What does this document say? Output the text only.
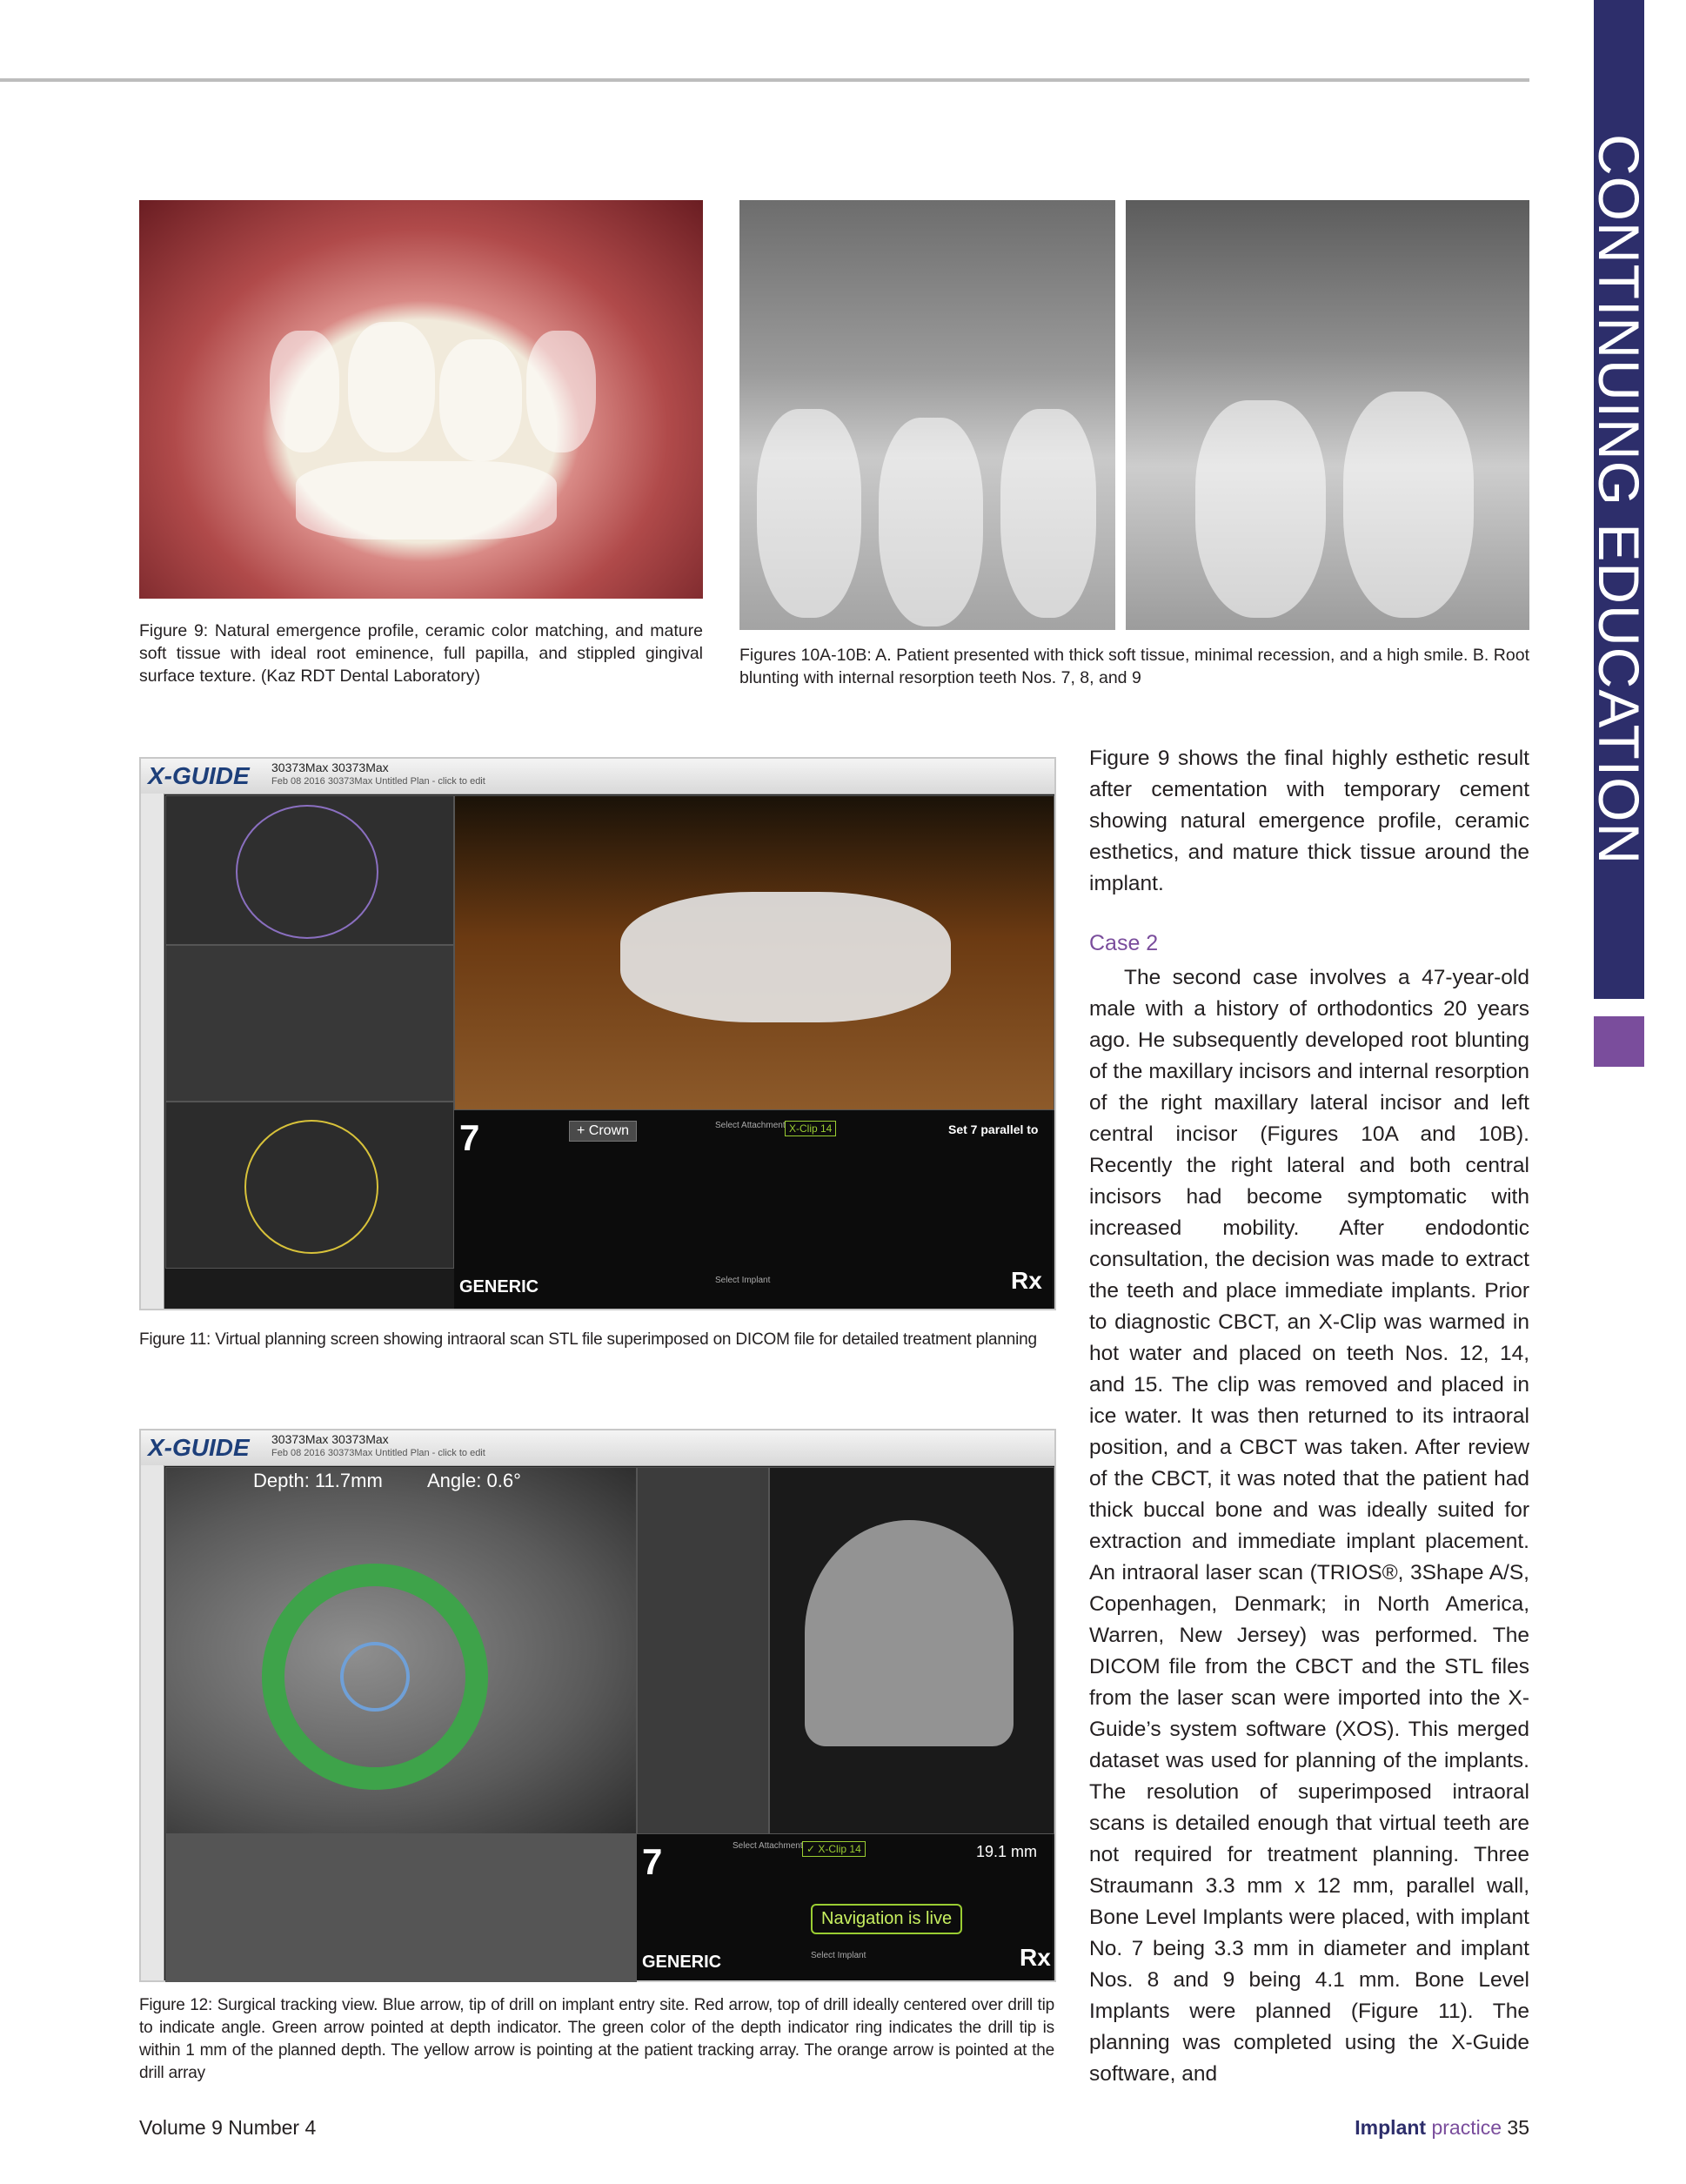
CONTINUING EDUCATION
Figure 9: Natural emergence profile, ceramic color matching, and mature soft tissue with ideal root eminence, full papilla, and stippled gingival surface texture. (Kaz RDT Dental Laboratory)
Figures 10A-10B: A. Patient presented with thick soft tissue, minimal recession, and a high smile. B. Root blunting with internal resorption teeth Nos. 7, 8, and 9
X-GUIDE 30373Max 30373Max
Feb 08 2016 30373Max Untitled Plan - click to edit
7	+ Crown	Select Attachment X-Clip 14	Set 7 parallel to
GENERIC	Select Implant	Rx
Figure 11: Virtual planning screen showing intraoral scan STL file superimposed on DICOM file for detailed treatment planning
X-GUIDE 30373Max 30373Max
Feb 08 2016 30373Max Untitled Plan - click to edit
Depth: 11.7mm Angle: 0.6°
7	Select Attachment ✓ X-Clip 14	19.1 mm
Navigation is live
GENERIC	Select Implant	Rx
Figure 12: Surgical tracking view. Blue arrow, tip of drill on implant entry site. Red arrow, top of drill ideally centered over drill tip to indicate angle. Green arrow pointed at depth indicator. The green color of the depth indicator ring indicates the drill tip is within 1 mm of the planned depth. The yellow arrow is pointing at the patient tracking array. The orange arrow is pointed at the drill array
Figure 9 shows the final highly esthetic result after cementation with temporary cement showing natural emergence profile, ceramic esthetics, and mature thick tissue around the implant.
Case 2
The second case involves a 47-year-old male with a history of orthodontics 20 years ago. He subsequently developed root blunting of the maxillary incisors and internal resorption of the right maxillary lateral incisor and left central incisor (Figures 10A and 10B). Recently the right lateral and both central incisors had become symptomatic with increased mobility. After endodontic consultation, the decision was made to extract the teeth and place immediate implants. Prior to diagnostic CBCT, an X-Clip was warmed in hot water and placed on teeth Nos. 12, 14, and 15. The clip was removed and placed in ice water. It was then returned to its intraoral position, and a CBCT was taken. After review of the CBCT, it was noted that the patient had thick buccal bone and was ideally suited for extraction and immediate implant placement. An intraoral laser scan (TRIOS®, 3Shape A/S, Copenhagen, Denmark; in North America, Warren, New Jersey) was performed. The DICOM file from the CBCT and the STL files from the laser scan were imported into the X-Guide’s system software (XOS). This merged dataset was used for planning of the implants. The resolution of superimposed intraoral scans is detailed enough that virtual teeth are not required for treatment planning. Three Straumann 3.3 mm x 12 mm, parallel wall, Bone Level Implants were placed, with implant No. 7 being 3.3 mm in diameter and implant Nos. 8 and 9 being 4.1 mm. Bone Level Implants were planned (Figure 11). The planning was completed using the X-Guide software, and
Volume 9 Number 4	Implant practice 35
